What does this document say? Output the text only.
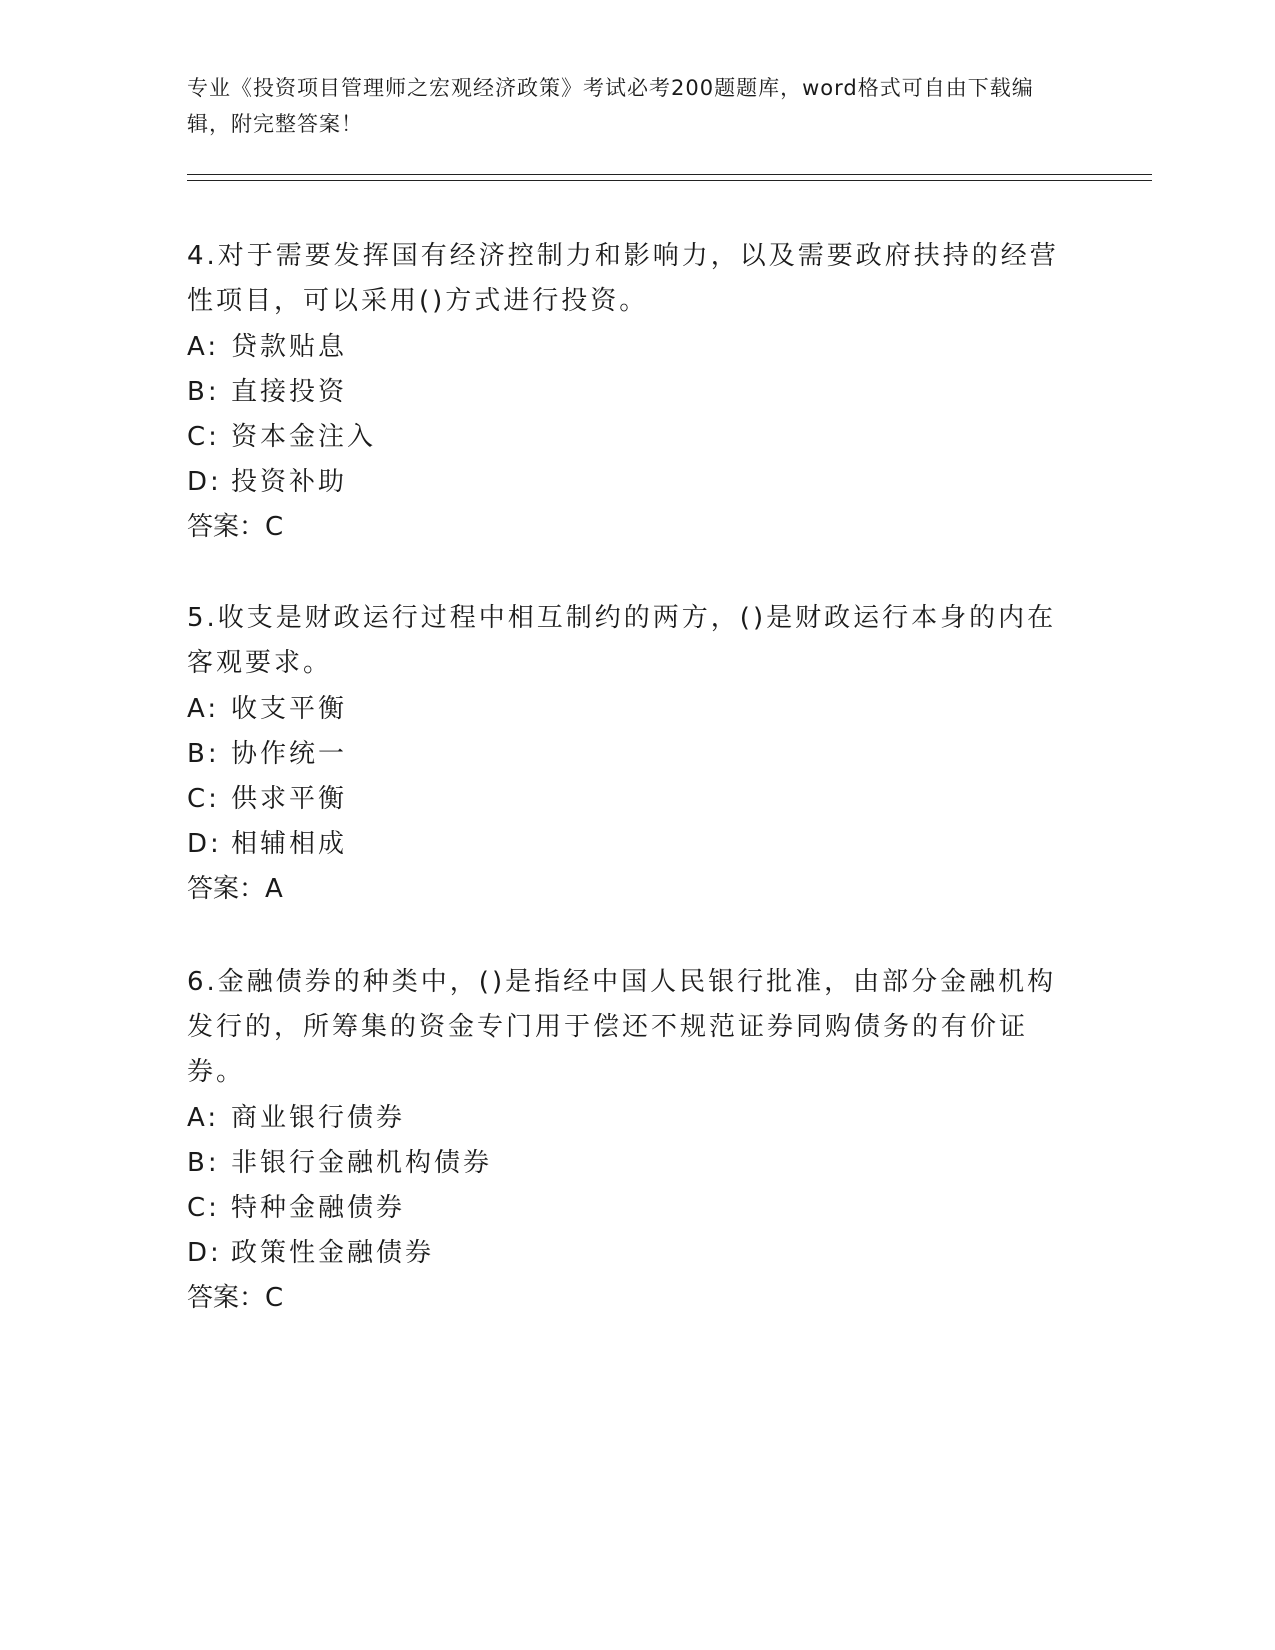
专业《投资项目管理师之宏观经济政策》考试必考200题题库，word格式可自由下载编辑，附完整答案！

4.对于需要发挥国有经济控制力和影响力，以及需要政府扶持的经营性项目，可以采用()方式进行投资。

A: 贷款贴息

B: 直接投资

C: 资本金注入

D: 投资补助

答案：C

5.收支是财政运行过程中相互制约的两方，()是财政运行本身的内在客观要求。

A: 收支平衡

B: 协作统一

C: 供求平衡

D: 相辅相成

答案：A

6.金融债券的种类中，()是指经中国人民银行批准，由部分金融机构发行的，所筹集的资金专门用于偿还不规范证券同购债务的有价证券。

A: 商业银行债券

B: 非银行金融机构债券

C: 特种金融债券

D: 政策性金融债券

答案：C
